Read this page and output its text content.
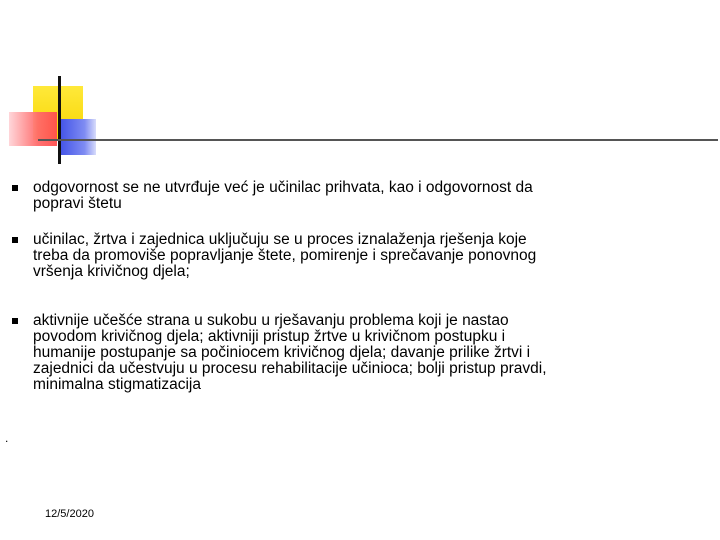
odgovornost se ne utvrđuje već je učinilac prihvata, kao i odgovornost da
popravi štetu

učinilac, žrtva i zajednica uključuju se u proces iznalaženja rješenja koje
treba da promoviše popravljanje štete, pomirenje i sprečavanje ponovnog
vršenja krivičnog djela;

aktivnije učešće strana u sukobu u rješavanju problema koji je nastao
povodom krivičnog djela; aktivniji pristup žrtve u krivičnom postupku i
humanije postupanje sa počiniocem krivičnog djela; davanje prilike žrtvi i
zajednici da učestvuju u procesu rehabilitacije učinioca; bolji pristup pravdi,
minimalna stigmatizacija

.
12/5/2020
